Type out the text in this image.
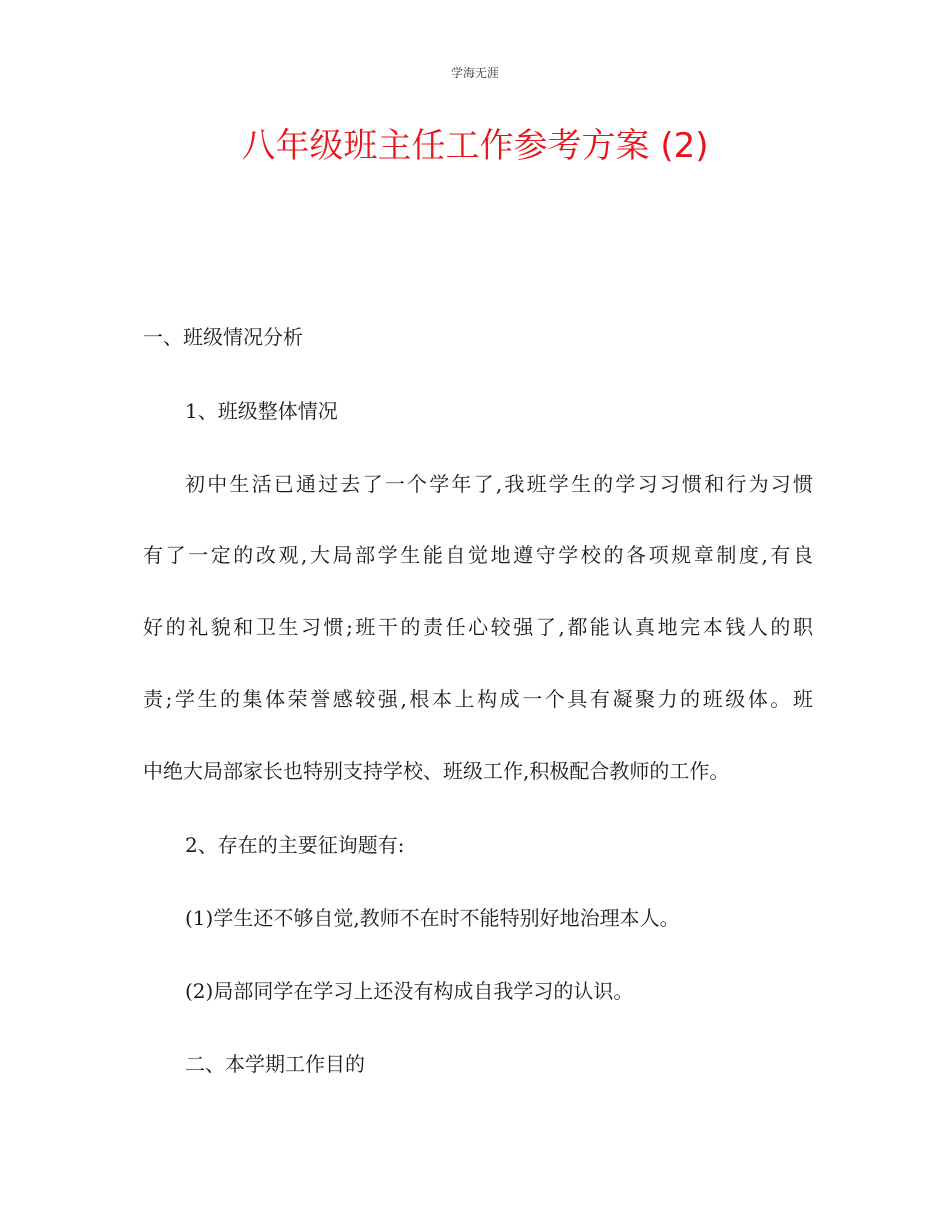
学海无涯
八年级班主任工作参考方案 (2)
一、班级情况分析
1、班级整体情况
初中生活已通过去了一个学年了,我班学生的学习习惯和行为习惯
有了一定的改观,大局部学生能自觉地遵守学校的各项规章制度,有良
好的礼貌和卫生习惯;班干的责任心较强了,都能认真地完本钱人的职
责;学生的集体荣誉感较强,根本上构成一个具有凝聚力的班级体。班
中绝大局部家长也特别支持学校、班级工作,积极配合教师的工作。
2、存在的主要征询题有:
(1)学生还不够自觉,教师不在时不能特别好地治理本人。
(2)局部同学在学习上还没有构成自我学习的认识。
二、本学期工作目的
